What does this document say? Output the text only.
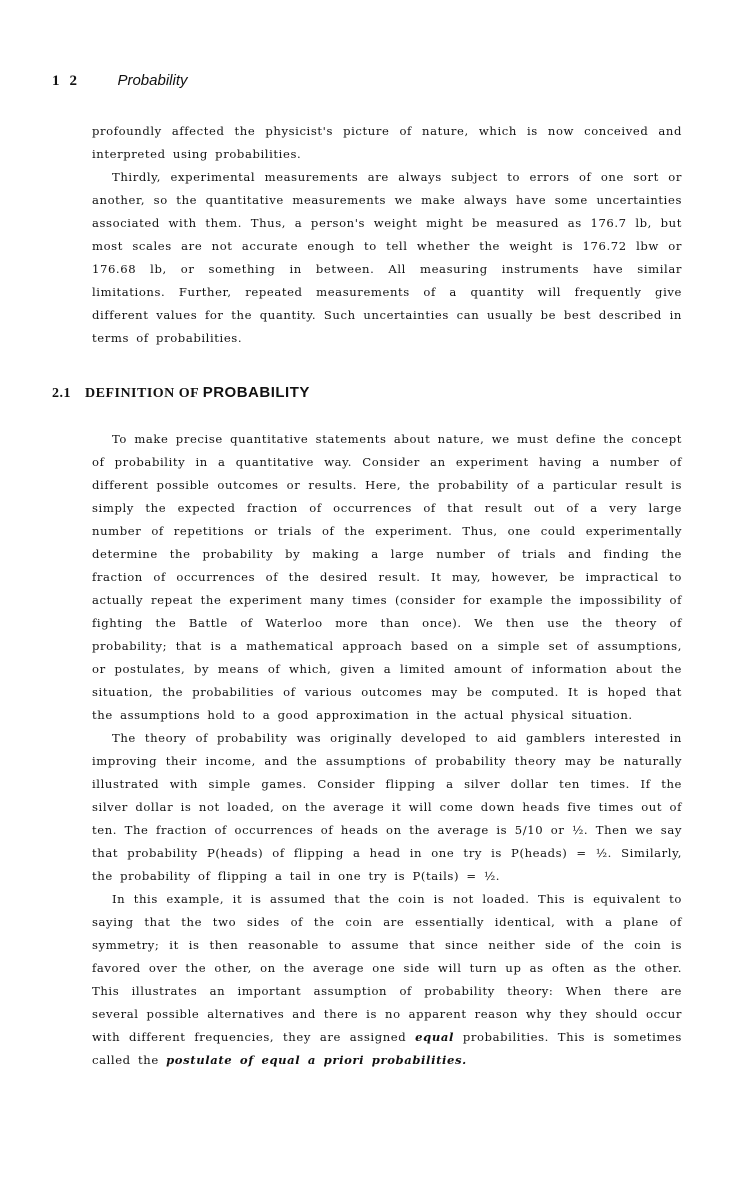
12 Probability

profoundly affected the physicist's picture of nature, which is now conceived and interpreted using probabilities.

Thirdly, experimental measurements are always subject to errors of one sort or another, so the quantitative measurements we make always have some uncertainties associated with them. Thus, a person's weight might be measured as 176.7 lb, but most scales are not accurate enough to tell whether the weight is 176.72 lbw or 176.68 lb, or something in between. All measuring instruments have similar limitations. Further, repeated measurements of a quantity will frequently give different values for the quantity. Such uncertainties can usually be best described in terms of probabilities.

2.1 DEFINITION OF PROBABILITY

To make precise quantitative statements about nature, we must define the concept of probability in a quantitative way. Consider an experiment having a number of different possible outcomes or results. Here, the probability of a particular result is simply the expected fraction of occurrences of that result out of a very large number of repetitions or trials of the experiment. Thus, one could experimentally determine the probability by making a large number of trials and finding the fraction of occurrences of the desired result. It may, however, be impractical to actually repeat the experiment many times (consider for example the impossibility of fighting the Battle of Waterloo more than once). We then use the theory of probability; that is a mathematical approach based on a simple set of assumptions, or postulates, by means of which, given a limited amount of information about the situation, the probabilities of various outcomes may be computed. It is hoped that the assumptions hold to a good approximation in the actual physical situation.

The theory of probability was originally developed to aid gamblers interested in improving their income, and the assumptions of probability theory may be naturally illustrated with simple games. Consider flipping a silver dollar ten times. If the silver dollar is not loaded, on the average it will come down heads five times out of ten. The fraction of occurrences of heads on the average is 5/10 or ½. Then we say that probability P(heads) of flipping a head in one try is P(heads) = ½. Similarly, the probability of flipping a tail in one try is P(tails) = ½.

In this example, it is assumed that the coin is not loaded. This is equivalent to saying that the two sides of the coin are essentially identical, with a plane of symmetry; it is then reasonable to assume that since neither side of the coin is favored over the other, on the average one side will turn up as often as the other. This illustrates an important assumption of probability theory: When there are several possible alternatives and there is no apparent reason why they should occur with different frequencies, they are assigned equal probabilities. This is sometimes called the postulate of equal a priori probabilities.
